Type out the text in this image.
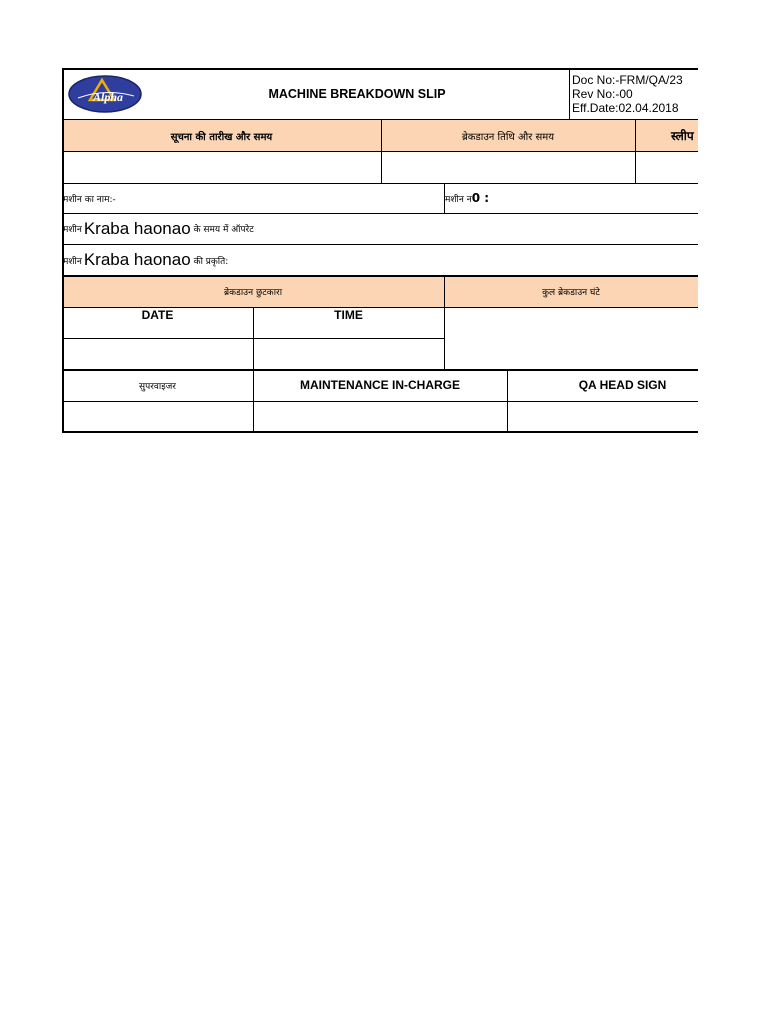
Alpha	MACHINE BREAKDOWN SLIP
Doc No:-FRM/QA/23
Rev No:-00
Eff.Date:02.04.2018
सूचना की तारीख और समय	ब्रेकडाउन तिथि और समय	स्लीप
मशीन का नाम:-	मशीन न 0 :
मशीन Kraba haonao के समय में ऑपरेट
मशीन Kraba haonao की प्रकृति:
ब्रेकडाउन छुटकारा	कुल ब्रेकडाउन घंटे
DATE	TIME
सुपरवाइजर	MAINTENANCE IN-CHARGE	QA HEAD SIGN
